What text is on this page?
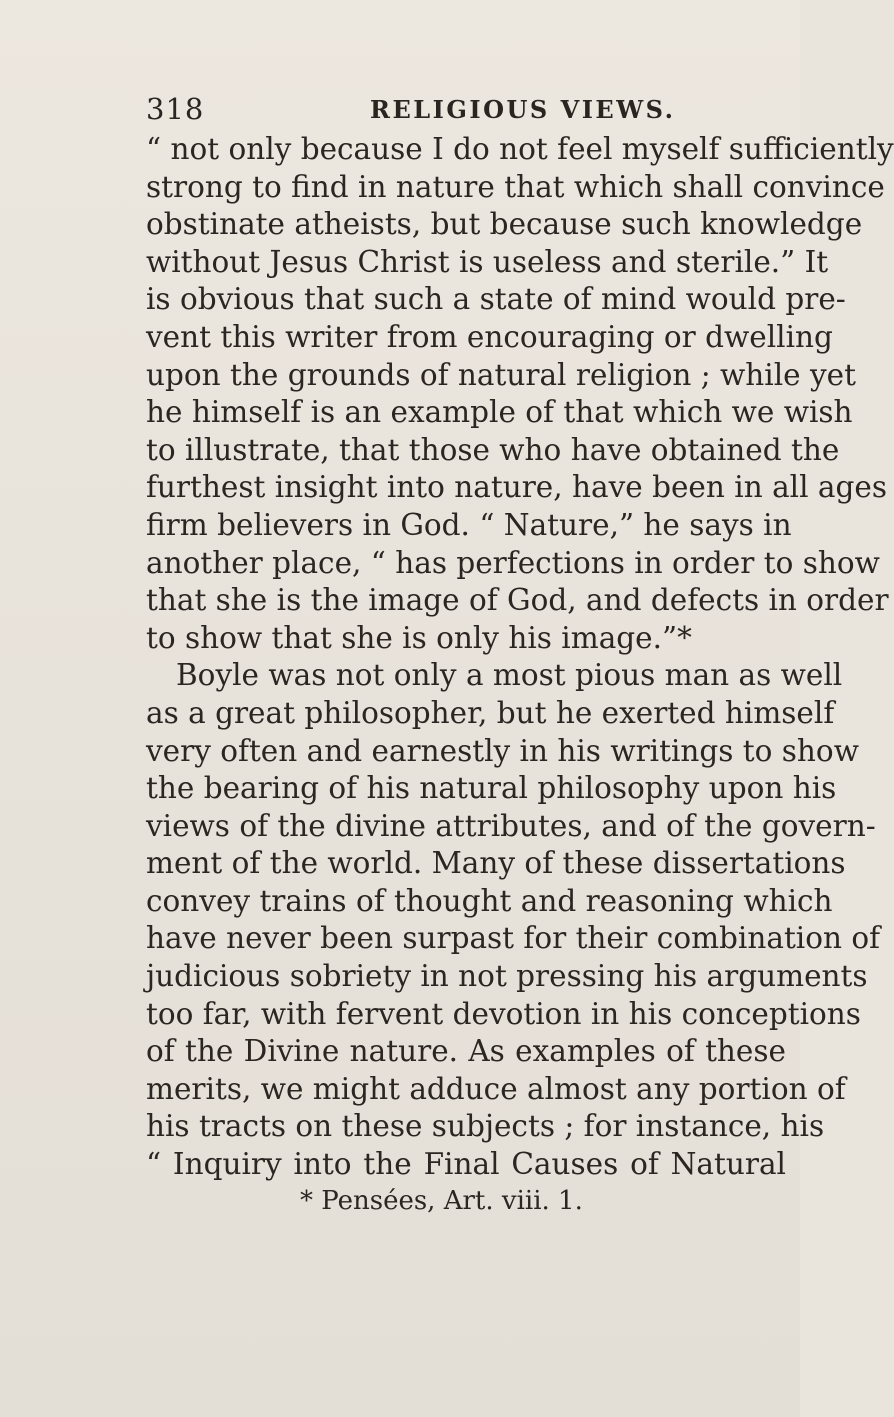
318	RELIGIOUS VIEWS.
“ not only because I do not feel myself sufficiently
strong to find in nature that which shall convince
obstinate atheists, but because such knowledge
without Jesus Christ is useless and sterile.” It
is obvious that such a state of mind would pre-
vent this writer from encouraging or dwelling
upon the grounds of natural religion ; while yet
he himself is an example of that which we wish
to illustrate, that those who have obtained the
furthest insight into nature, have been in all ages
firm believers in God. “ Nature,” he says in
another place, “ has perfections in order to show
that she is the image of God, and defects in order
to show that she is only his image.”*
Boyle was not only a most pious man as well
as a great philosopher, but he exerted himself
very often and earnestly in his writings to show
the bearing of his natural philosophy upon his
views of the divine attributes, and of the govern-
ment of the world. Many of these dissertations
convey trains of thought and reasoning which
have never been surpast for their combination of
judicious sobriety in not pressing his arguments
too far, with fervent devotion in his conceptions
of the Divine nature. As examples of these
merits, we might adduce almost any portion of
his tracts on these subjects ; for instance, his
“ Inquiry into the Final Causes of Natural
* Pensées, Art. viii. 1.
